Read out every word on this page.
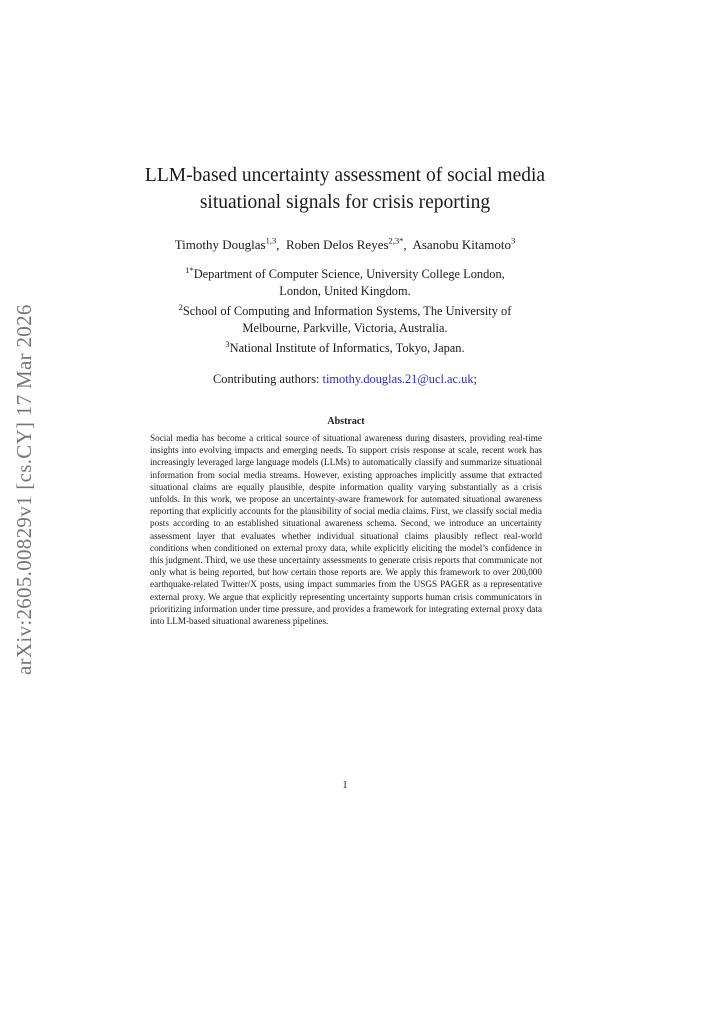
arXiv:2605.00829v1 [cs.CY] 17 Mar 2026
LLM-based uncertainty assessment of social media
situational signals for crisis reporting
Timothy Douglas$^{1,3}$,  Roben Delos Reyes$^{2,3*}$,  Asanobu Kitamoto$^3$
$^{1*}$Department of Computer Science, University College London,
London, United Kingdom.
$^2$School of Computing and Information Systems, The University of
Melbourne, Parkville, Victoria, Australia.
$^3$National Institute of Informatics, Tokyo, Japan.
Contributing authors: timothy.douglas.21@ucl.ac.uk;
Abstract
Social media has become a critical source of situational awareness during disasters, providing real-time insights into evolving impacts and emerging needs. To support crisis response at scale, recent work has increasingly leveraged large language models (LLMs) to automatically classify and summarize situational information from social media streams. However, existing approaches implicitly assume that extracted situational claims are equally plausible, despite information quality varying substantially as a crisis unfolds. In this work, we propose an uncertainty-aware framework for automated situational awareness reporting that explicitly accounts for the plausibility of social media claims. First, we classify social media posts according to an established situational awareness schema. Second, we introduce an uncertainty assessment layer that evaluates whether individual situational claims plausibly reflect real-world conditions when conditioned on external proxy data, while explicitly eliciting the model’s confidence in this judgment. Third, we use these uncertainty assessments to generate crisis reports that communicate not only what is being reported, but how certain those reports are. We apply this framework to over 200,000 earthquake-related Twitter/X posts, using impact summaries from the USGS PAGER as a representative external proxy. We argue that explicitly representing uncertainty supports human crisis communicators in prioritizing information under time pressure, and provides a framework for integrating external proxy data into LLM-based situational awareness pipelines.
1
